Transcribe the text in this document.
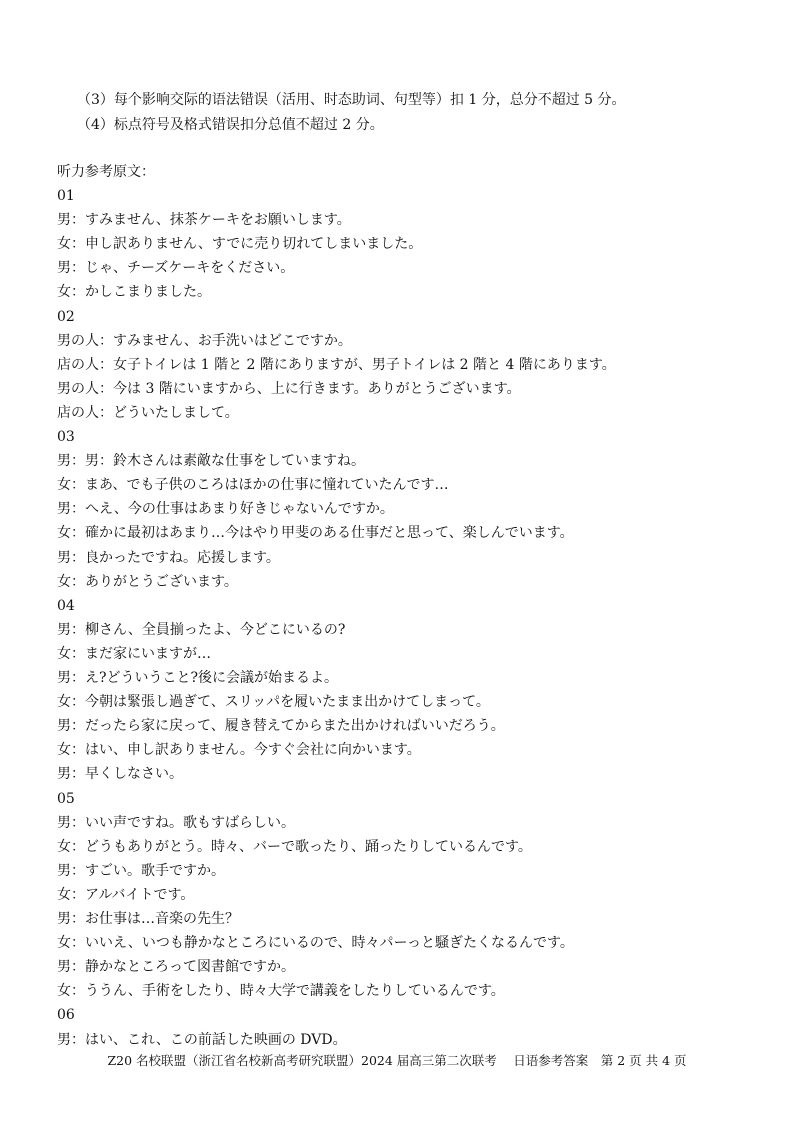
（3）每个影响交际的语法错误（活用、时态助词、句型等）扣 1 分，总分不超过 5 分。
（4）标点符号及格式错误扣分总值不超过 2 分。
听力参考原文：
01
男：すみません、抹茶ケーキをお願いします。
女：申し訳ありません、すでに売り切れてしまいました。
男：じゃ、チーズケーキをください。
女：かしこまりました。
02
男の人：すみません、お手洗いはどこですか。
店の人：女子トイレは 1 階と 2 階にありますが、男子トイレは 2 階と 4 階にあります。
男の人：今は 3 階にいますから、上に行きます。ありがとうございます。
店の人：どういたしまして。
03
男：男：鈴木さんは素敵な仕事をしていますね。
女：まあ、でも子供のころはほかの仕事に憧れていたんです…
男：へえ、今の仕事はあまり好きじゃないんですか。
女：確かに最初はあまり…今はやり甲斐のある仕事だと思って、楽しんでいます。
男：良かったですね。応援します。
女：ありがとうございます。
04
男：柳さん、全員揃ったよ、今どこにいるの?
女：まだ家にいますが…
男：え?どういうこと?後に会議が始まるよ。
女：今朝は緊張し過ぎて、スリッパを履いたまま出かけてしまって。
男：だったら家に戻って、履き替えてからまた出かければいいだろう。
女：はい、申し訳ありません。今すぐ会社に向かいます。
男：早くしなさい。
05
男：いい声ですね。歌もすばらしい。
女：どうもありがとう。時々、バーで歌ったり、踊ったりしているんです。
男：すごい。歌手ですか。
女：アルバイトです。
男：お仕事は…音楽の先生？
女：いいえ、いつも静かなところにいるので、時々パーっと騒ぎたくなるんです。
男：静かなところって図書館ですか。
女：ううん、手術をしたり、時々大学で講義をしたりしているんです。
06
男：はい、これ、この前話した映画の DVD。
Z20 名校联盟（浙江省名校新高考研究联盟）2024 届高三第二次联考　 日语参考答案　第 2 页 共 4 页
